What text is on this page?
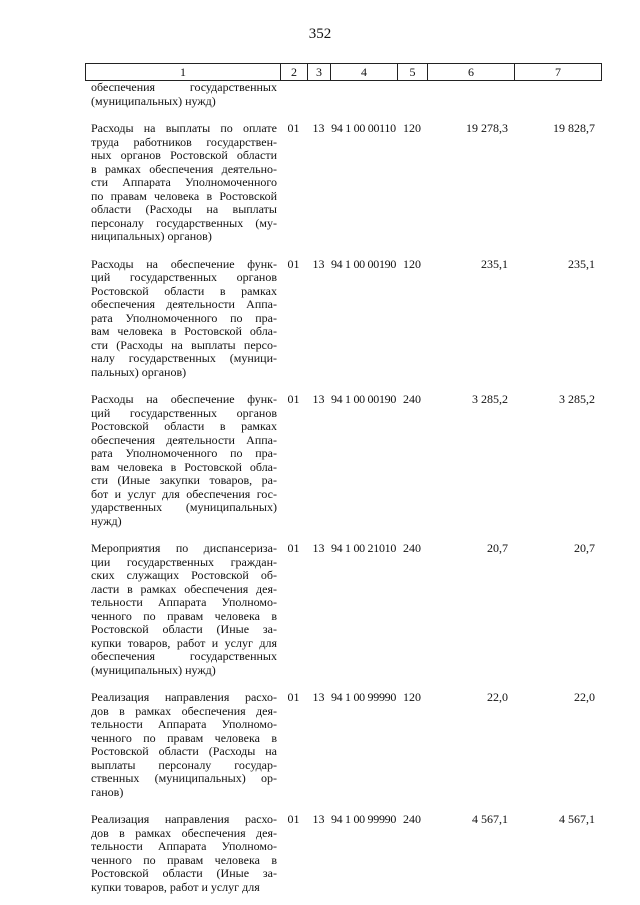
352
1	2	3	4	5	6	7
обеспечения государственных
(муниципальных) нужд)
Расходы на выплаты по оплате
труда работников государствен-
ных органов Ростовской области
в рамках обеспечения деятельно-
сти Аппарата Уполномоченного
по правам человека в Ростовской
области (Расходы на выплаты
персоналу государственных (му-
ниципальных) органов)
01	13 94 1 00 00110 120	19 278,3	19 828,7
Расходы на обеспечение функ-
ций государственных органов
Ростовской области в рамках
обеспечения деятельности Аппа-
рата Уполномоченного по пра-
вам человека в Ростовской обла-
сти (Расходы на выплаты персо-
налу государственных (муници-
пальных) органов)
01	13 94 1 00 00190 120	235,1	235,1
Расходы на обеспечение функ-
ций государственных органов
Ростовской области в рамках
обеспечения деятельности Аппа-
рата Уполномоченного по пра-
вам человека в Ростовской обла-
сти (Иные закупки товаров, ра-
бот и услуг для обеспечения гос-
ударственных (муниципальных)
нужд)
01	13 94 1 00 00190 240	3 285,2	3 285,2
Мероприятия по диспансеризa-
ции государственных граждан-
ских служащих Ростовской об-
ласти в рамках обеспечения дея-
тельности Аппарата Уполномо-
ченного по правам человека в
Ростовской области (Иные за-
купки товаров, работ и услуг для
обеспечения государственных
(муниципальных) нужд)
01	13 94 1 00 21010 240	20,7	20,7
Реализация направления расхо-
дов в рамках обеспечения дея-
тельности Аппарата Уполномо-
ченного по правам человека в
Ростовской области (Расходы на
выплаты персоналу государ-
ственных (муниципальных) ор-
ганов)
01	13 94 1 00 99990 120	22,0	22,0
Реализация направления расхо-
дов в рамках обеспечения дея-
тельности Аппарата Уполномо-
ченного по правам человека в
Ростовской области (Иные за-
купки товаров, работ и услуг для
01	13 94 1 00 99990 240	4 567,1	4 567,1
